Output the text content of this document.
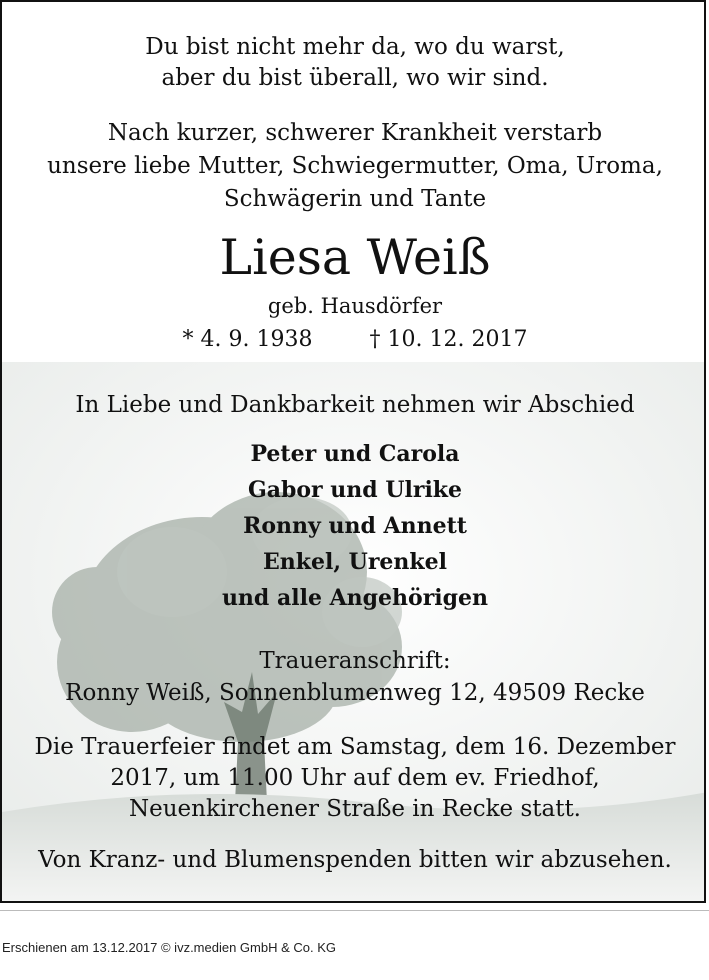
Du bist nicht mehr da, wo du warst,
aber du bist überall, wo wir sind.
Nach kurzer, schwerer Krankheit verstarb
unsere liebe Mutter, Schwiegermutter, Oma, Uroma,
Schwägerin und Tante
Liesa Weiß
geb. Hausdörfer
* 4. 9. 1938	† 10. 12. 2017
In Liebe und Dankbarkeit nehmen wir Abschied
Peter und Carola
Gabor und Ulrike
Ronny und Annett
Enkel, Urenkel
und alle Angehörigen
Traueranschrift:
Ronny Weiß, Sonnenblumenweg 12, 49509 Recke
Die Trauerfeier findet am Samstag, dem 16. Dezember
2017, um 11.00 Uhr auf dem ev. Friedhof,
Neuenkirchener Straße in Recke statt.
Von Kranz- und Blumenspenden bitten wir abzusehen.
Erschienen am 13.12.2017 © ivz.medien GmbH & Co. KG
